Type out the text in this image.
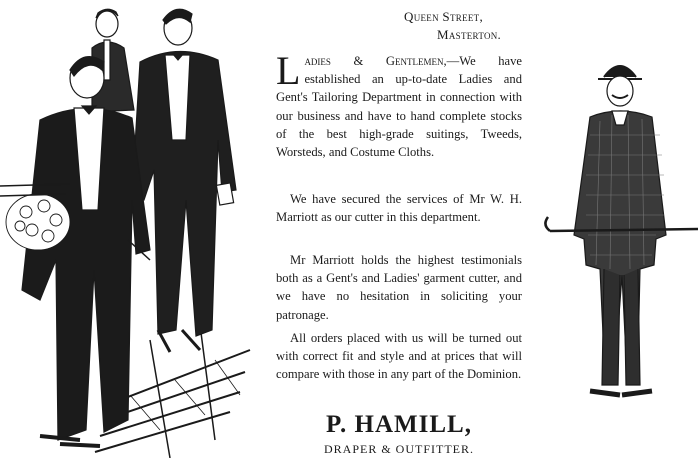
Queen Street,
Masterton.
Ladies & Gentlemen,—We have established an up-to-date Ladies and Gent's Tailoring Department in connection with our business and have to hand complete stocks of the best high-grade suitings, Tweeds, Worsteds, and Costume Cloths.
We have secured the services of Mr W. H. Marriott as our cutter in this department.
Mr Marriott holds the highest testimonials both as a Gent's and Ladies' garment cutter, and we have no hesitation in soliciting your patronage.
All orders placed with us will be turned out with correct fit and style and at prices that will compare with those in any part of the Dominion.
P. HAMILL,
DRAPER & OUTFITTER.
